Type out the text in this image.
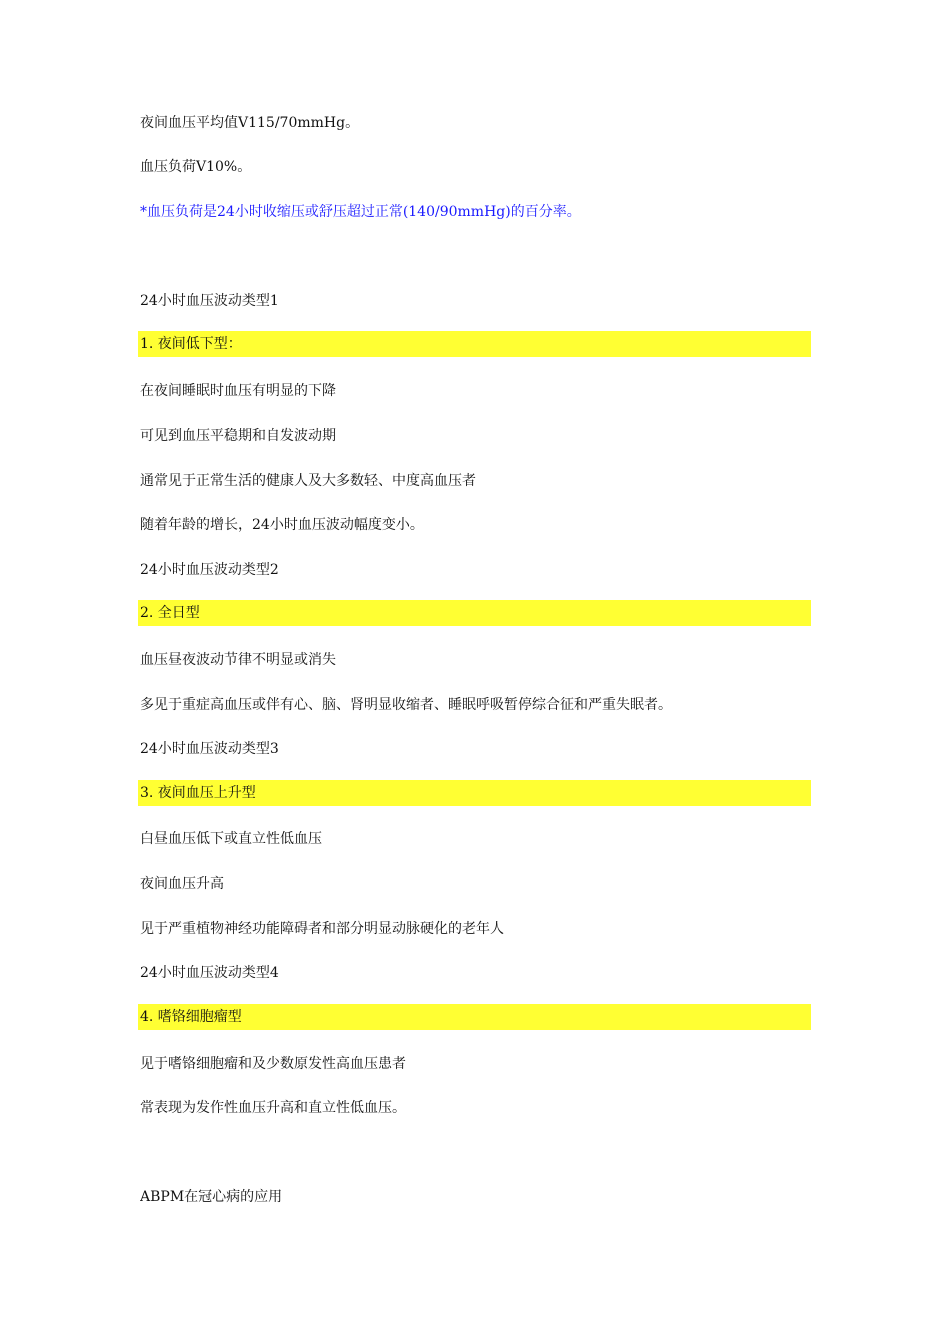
夜间血压平均值V115/70mmHg。
血压负荷V10%。
*血压负荷是24小时收缩压或舒压超过正常(140/90mmHg)的百分率。
24小时血压波动类型1
1. 夜间低下型：
在夜间睡眠时血压有明显的下降
可见到血压平稳期和自发波动期
通常见于正常生活的健康人及大多数轻、中度高血压者
随着年龄的增长，24小时血压波动幅度变小。
24小时血压波动类型2
2. 全日型
血压昼夜波动节律不明显或消失
多见于重症高血压或伴有心、脑、肾明显收缩者、睡眠呼吸暂停综合征和严重失眠者。
24小时血压波动类型3
3. 夜间血压上升型
白昼血压低下或直立性低血压
夜间血压升高
见于严重植物神经功能障碍者和部分明显动脉硬化的老年人
24小时血压波动类型4
4. 嗜铬细胞瘤型
见于嗜铬细胞瘤和及少数原发性高血压患者
常表现为发作性血压升高和直立性低血压。
ABPM在冠心病的应用
